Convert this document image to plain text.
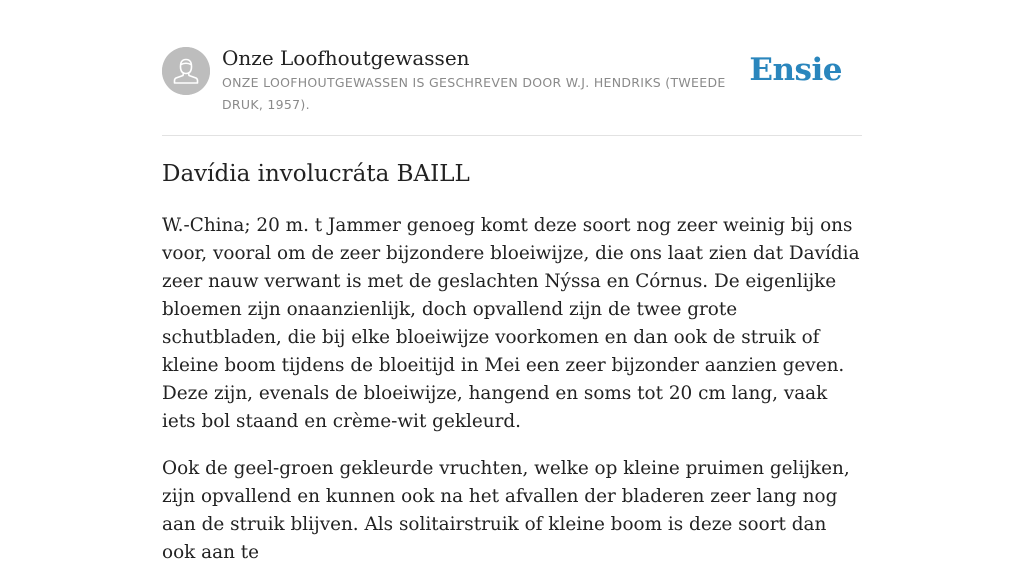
Onze Loofhoutgewassen
ONZE LOOFHOUTGEWASSEN IS GESCHREVEN DOOR W.J. HENDRIKS (TWEEDE DRUK, 1957).
Ensie
Davídia involucráta BAILL

W.-China; 20 m. t Jammer genoeg komt deze soort nog zeer weinig bij ons voor, vooral om de zeer bijzondere bloeiwijze, die ons laat zien dat Davídia zeer nauw verwant is met de geslachten Nýssa en Córnus. De eigenlijke bloemen zijn onaanzienlijk, doch opvallend zijn de twee grote schutbladen, die bij elke bloeiwijze voorkomen en dan ook de struik of kleine boom tijdens de bloeitijd in Mei een zeer bijzonder aanzien geven. Deze zijn, evenals de bloeiwijze, hangend en soms tot 20 cm lang, vaak iets bol staand en crème-wit gekleurd.

Ook de geel-groen gekleurde vruchten, welke op kleine pruimen gelijken, zijn opvallend en kunnen ook na het afvallen der bladeren zeer lang nog aan de struik blijven. Als solitairstruik of kleine boom is deze soort dan ook aan te
